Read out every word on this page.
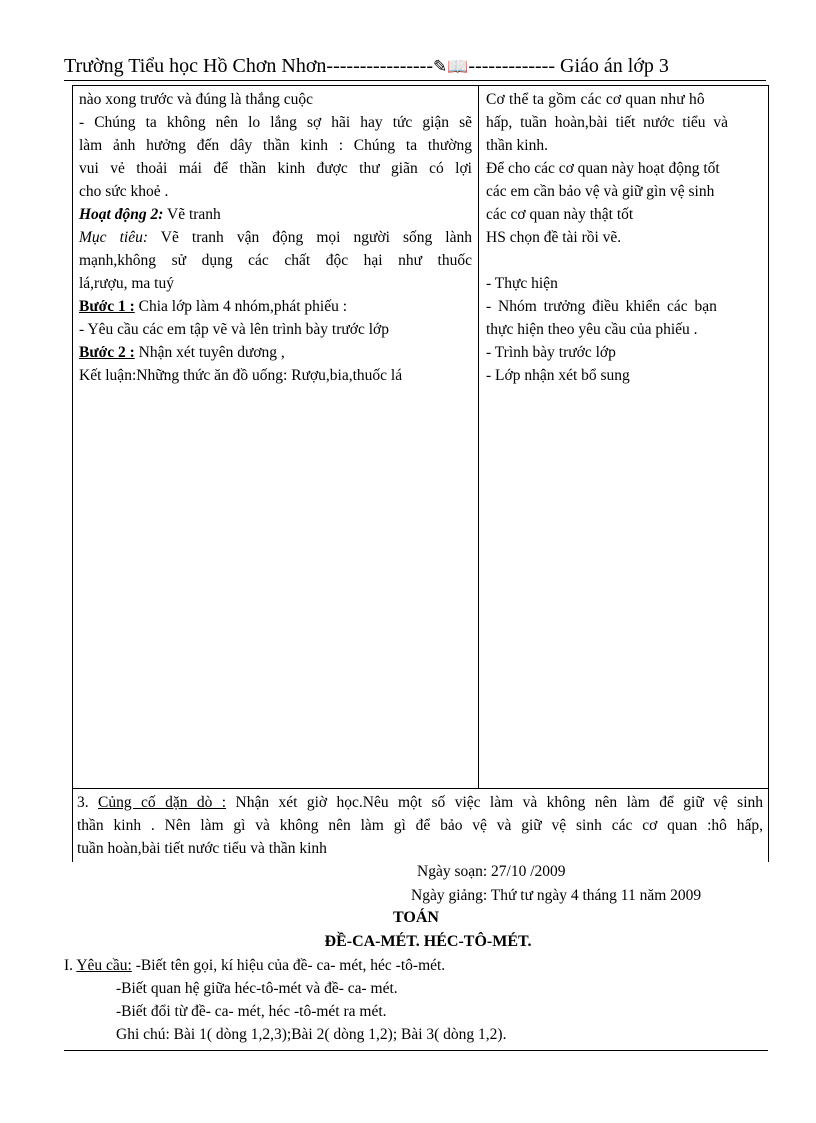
Trường Tiểu học Hồ Chơn Nhơn----------------✎📖------------- Giáo án lớp 3
nào xong trước và đúng là thắng cuộc
- Chúng ta không nên lo lắng sợ hãi hay tức giận sẽ
làm ảnh hưởng đến dây thần kinh : Chúng ta thường
vui vẻ thoải mái để thần kinh được thư giãn có lợi
cho sức khoẻ .
Hoạt động 2: Vẽ tranh
Mục tiêu: Vẽ tranh vận động mọi người sống lành
mạnh,không sử dụng các chất độc hại như thuốc
lá,rượu, ma tuý
Bước 1 : Chia lớp làm 4 nhóm,phát phiếu :
- Yêu cầu các em tập vẽ và lên trình bày trước lớp
Bước 2 : Nhận xét tuyên dương ,
Kết luận:Những thức ăn đồ uống: Rượu,bia,thuốc lá
Cơ thể ta gồm các cơ quan như hô
hấp, tuần hoàn,bài tiết nước tiểu và
thần kinh.
Để cho các cơ quan này hoạt động tốt
các em cần bảo vệ và giữ gìn vệ sinh
các cơ quan này thật tốt
HS chọn đề tài rồi vẽ.

- Thực hiện
- Nhóm trưởng điều khiển các bạn
thực hiện theo yêu cầu của phiếu .
- Trình bày trước lớp
- Lớp nhận xét bổ sung
3. Củng cố dặn dò : Nhận xét giờ học.Nêu một số việc làm và không nên làm để giữ vệ sinh
thần kinh . Nên làm gì và không nên làm gì để bảo vệ và giữ vệ sinh các cơ quan :hô hấp,
tuần hoàn,bài tiết nước tiểu và thần kinh
Ngày soạn: 27/10 /2009
Ngày giảng: Thứ tư ngày 4 tháng 11 năm 2009
TOÁN
ĐỀ-CA-MÉT. HÉC-TÔ-MÉT.
I. Yêu cầu: -Biết tên gọi, kí hiệu của đề- ca- mét, héc -tô-mét.
-Biết quan hệ giữa héc-tô-mét và đề- ca- mét.
-Biết đổi từ đề- ca- mét, héc -tô-mét ra mét.
Ghi chú: Bài 1( dòng 1,2,3);Bài 2( dòng 1,2); Bài 3( dòng 1,2).
